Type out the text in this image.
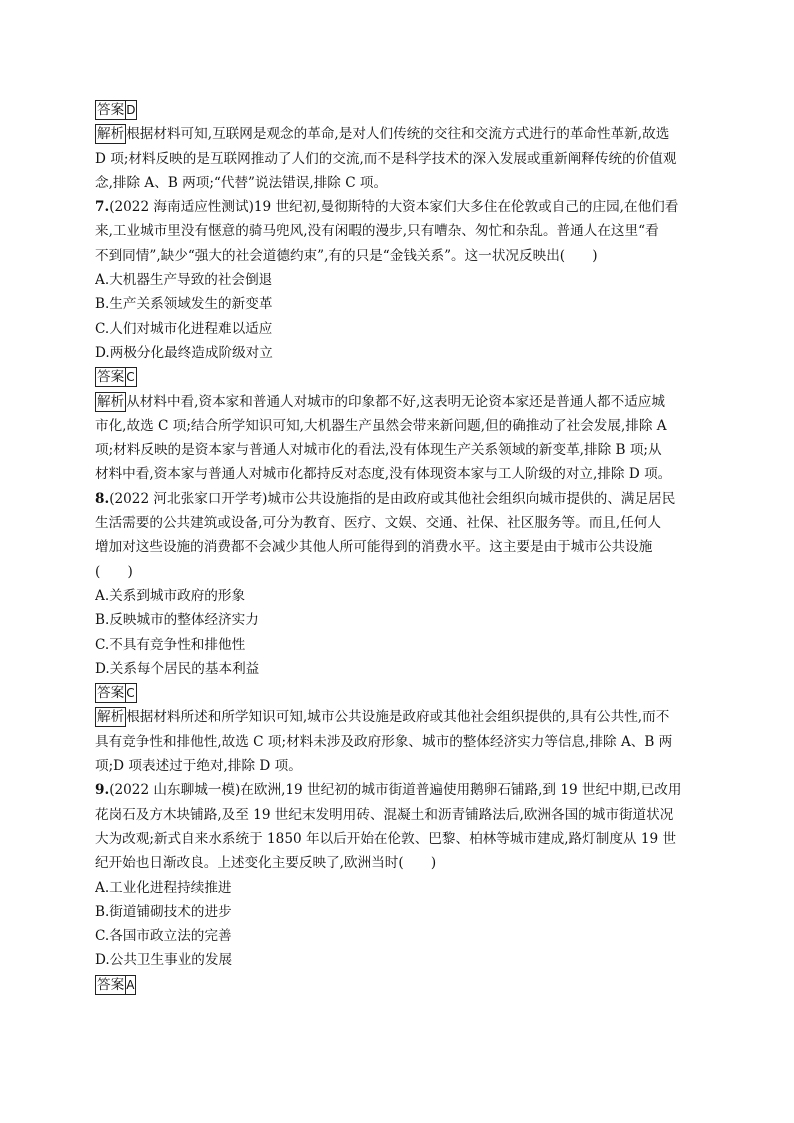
答案 D
解析 根据材料可知,互联网是观念的革命,是对人们传统的交往和交流方式进行的革命性革新,故选
D 项;材料反映的是互联网推动了人们的交流,而不是科学技术的深入发展或重新阐释传统的价值观
念,排除 A、B 两项;“代替”说法错误,排除 C 项。
7.(2022 海南适应性测试)19 世纪初,曼彻斯特的大资本家们大多住在伦敦或自己的庄园,在他们看
来,工业城市里没有惬意的骑马兜风,没有闲暇的漫步,只有嘈杂、匆忙和杂乱。普通人在这里“看
不到同情”,缺少“强大的社会道德约束”,有的只是“金钱关系”。这一状况反映出(　　)
A.大机器生产导致的社会倒退
B.生产关系领域发生的新变革
C.人们对城市化进程难以适应
D.两极分化最终造成阶级对立
答案 C
解析 从材料中看,资本家和普通人对城市的印象都不好,这表明无论资本家还是普通人都不适应城
市化,故选 C 项;结合所学知识可知,大机器生产虽然会带来新问题,但的确推动了社会发展,排除 A
项;材料反映的是资本家与普通人对城市化的看法,没有体现生产关系领域的新变革,排除 B 项;从
材料中看,资本家与普通人对城市化都持反对态度,没有体现资本家与工人阶级的对立,排除 D 项。
8.(2022 河北张家口开学考)城市公共设施指的是由政府或其他社会组织向城市提供的、满足居民
生活需要的公共建筑或设备,可分为教育、医疗、文娱、交通、社保、社区服务等。而且,任何人
增加对这些设施的消费都不会减少其他人所可能得到的消费水平。这主要是由于城市公共设施
(　　)
A.关系到城市政府的形象
B.反映城市的整体经济实力
C.不具有竞争性和排他性
D.关系每个居民的基本利益
答案 C
解析 根据材料所述和所学知识可知,城市公共设施是政府或其他社会组织提供的,具有公共性,而不
具有竞争性和排他性,故选 C 项;材料未涉及政府形象、城市的整体经济实力等信息,排除 A、B 两
项;D 项表述过于绝对,排除 D 项。
9.(2022 山东聊城一模)在欧洲,19 世纪初的城市街道普遍使用鹅卵石铺路,到 19 世纪中期,已改用
花岗石及方木块铺路,及至 19 世纪末发明用砖、混凝土和沥青铺路法后,欧洲各国的城市街道状况
大为改观;新式自来水系统于 1850 年以后开始在伦敦、巴黎、柏林等城市建成,路灯制度从 19 世
纪开始也日渐改良。上述变化主要反映了,欧洲当时(　　)
A.工业化进程持续推进
B.街道铺砌技术的进步
C.各国市政立法的完善
D.公共卫生事业的发展
答案 A
